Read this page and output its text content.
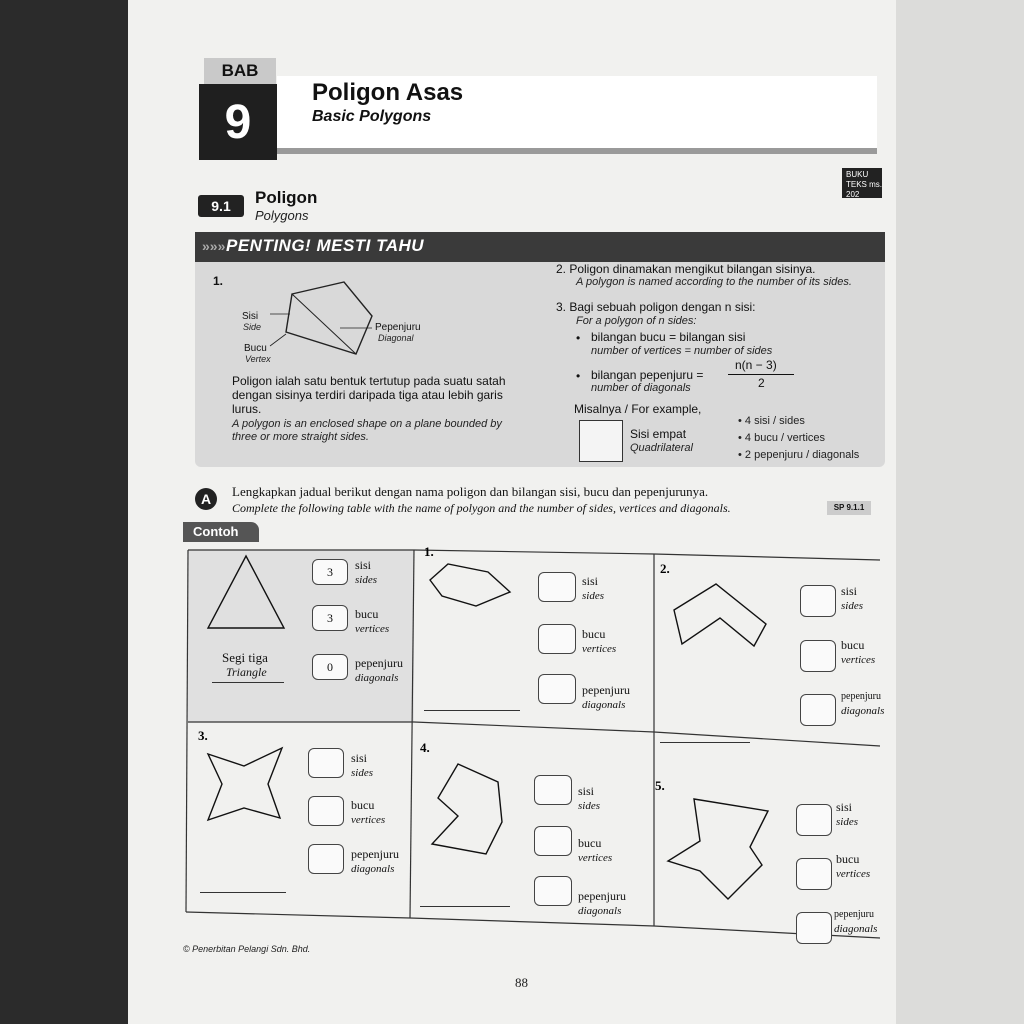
BAB
9
Poligon Asas
Basic Polygons
BUKU TEKS ms. 202
9.1	Poligon
Polygons
»»» PENTING! MESTI TAHU
1.
Sisi
Side
Bucu
Vertex
Pepenjuru
Diagonal
Poligon ialah satu bentuk tertutup pada suatu satah
dengan sisinya terdiri daripada tiga atau lebih garis
lurus.
A polygon is an enclosed shape on a plane bounded by
three or more straight sides.
2. Poligon dinamakan mengikut bilangan sisinya.
A polygon is named according to the number of its sides.
3. Bagi sebuah poligon dengan n sisi:
For a polygon of n sides:
• bilangan bucu = bilangan sisi
number of vertices = number of sides
• bilangan pepenjuru =
number of diagonals
n(n − 3)
2
Misalnya / For example,
Sisi empat
Quadrilateral
• 4 sisi / sides
• 4 bucu / vertices
• 2 pepenjuru / diagonals
A	Lengkapkan jadual berikut dengan nama poligon dan bilangan sisi, bucu dan pepenjurunya.
Complete the following table with the name of polygon and the number of sides, vertices and diagonals.	SP 9.1.1
Contoh
Segi tiga
Triangle
3	sisi
sides
3	bucu
vertices
0	pepenjuru
diagonals
1.
sisi
sides
bucu
vertices
pepenjuru
diagonals
2.
sisi
sides
bucu
vertices
pepenjuru
diagonals
3.
sisi
sides
bucu
vertices
pepenjuru
diagonals
4.
sisi
sides
bucu
vertices
pepenjuru
diagonals
5.
sisi
sides
bucu
vertices
pepenjuru
diagonals
© Penerbitan Pelangi Sdn. Bhd.
88
